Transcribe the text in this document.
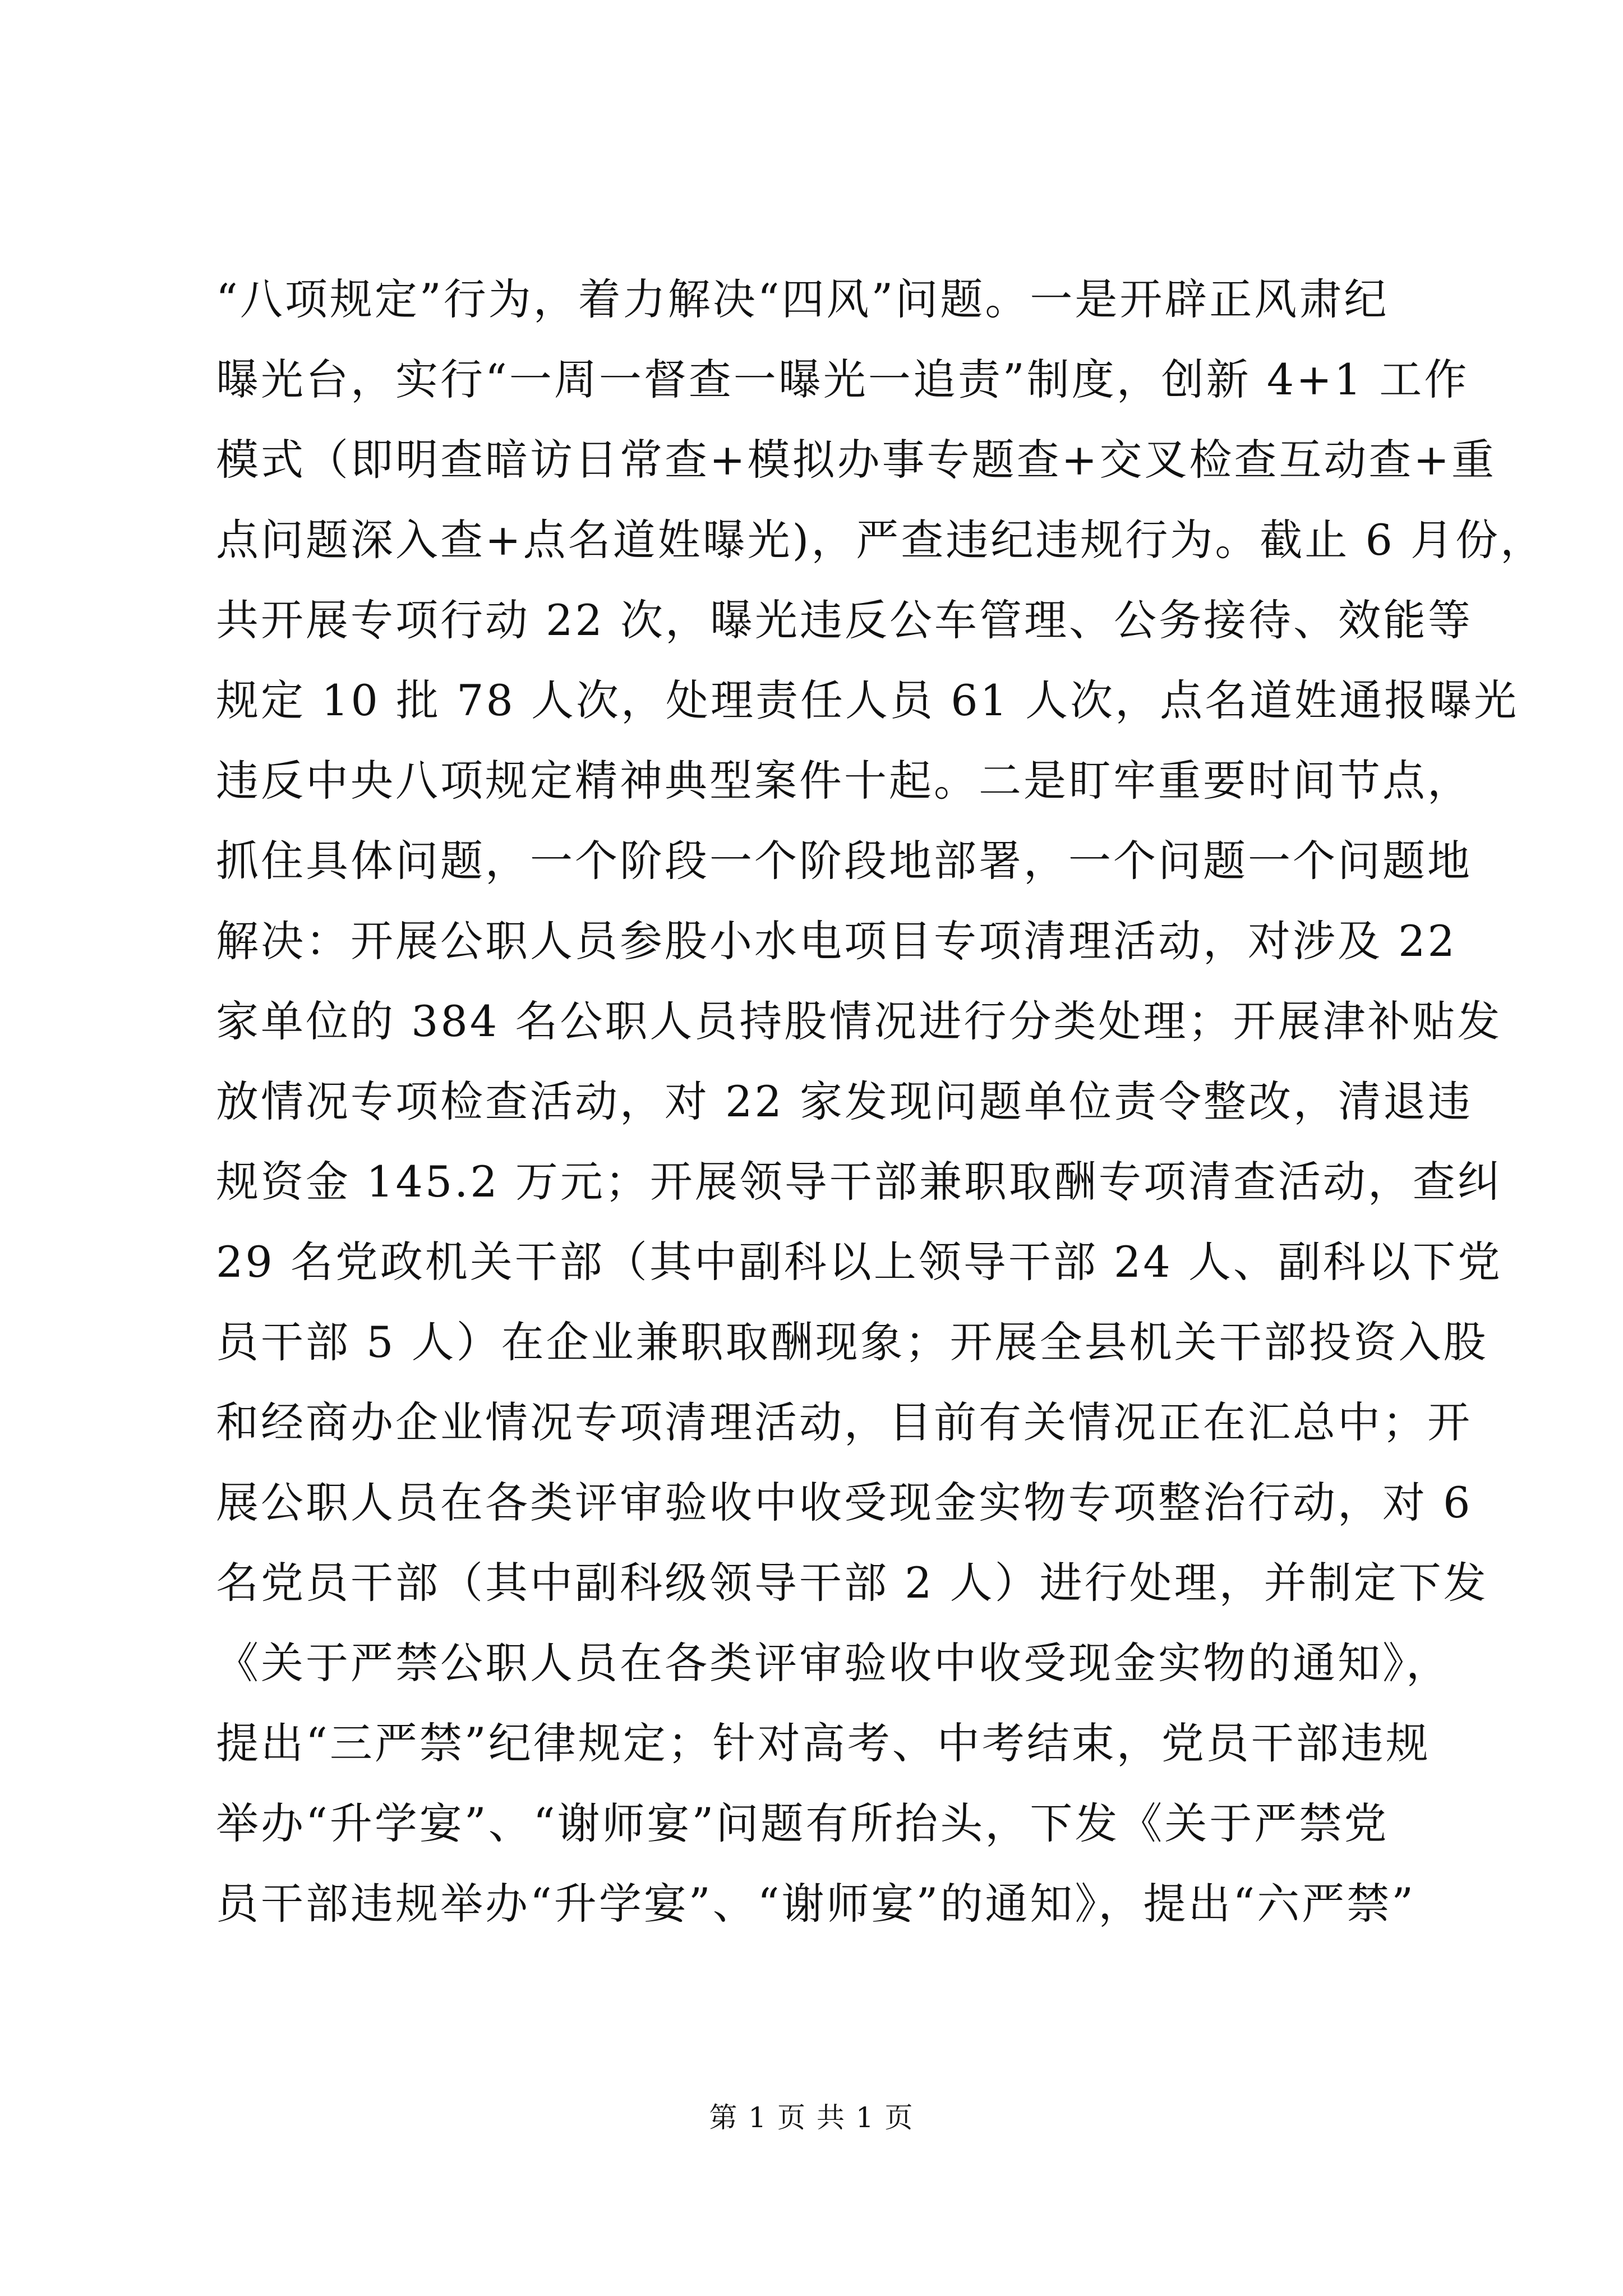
“八项规定”行为，着力解决“四风”问题。一是开辟正风肃纪
曝光台，实行“一周一督查一曝光一追责”制度，创新 4+1 工作
模式（即明查暗访日常查+模拟办事专题查+交叉检查互动查+重
点问题深入查+点名道姓曝光)，严查违纪违规行为。截止 6 月份，
共开展专项行动 22 次，曝光违反公车管理、公务接待、效能等
规定 10 批 78 人次，处理责任人员 61 人次，点名道姓通报曝光
违反中央八项规定精神典型案件十起。二是盯牢重要时间节点，
抓住具体问题，一个阶段一个阶段地部署，一个问题一个问题地
解决：开展公职人员参股小水电项目专项清理活动，对涉及 22
家单位的 384 名公职人员持股情况进行分类处理；开展津补贴发
放情况专项检查活动，对 22 家发现问题单位责令整改，清退违
规资金 145.2 万元；开展领导干部兼职取酬专项清查活动，查纠
29 名党政机关干部（其中副科以上领导干部 24 人、副科以下党
员干部 5 人）在企业兼职取酬现象；开展全县机关干部投资入股
和经商办企业情况专项清理活动，目前有关情况正在汇总中；开
展公职人员在各类评审验收中收受现金实物专项整治行动，对 6
名党员干部（其中副科级领导干部 2 人）进行处理，并制定下发
《关于严禁公职人员在各类评审验收中收受现金实物的通知》，
提出“三严禁”纪律规定；针对高考、中考结束，党员干部违规
举办“升学宴”、“谢师宴”问题有所抬头，下发《关于严禁党
员干部违规举办“升学宴”、“谢师宴”的通知》，提出“六严禁”
第 1 页 共 1 页
